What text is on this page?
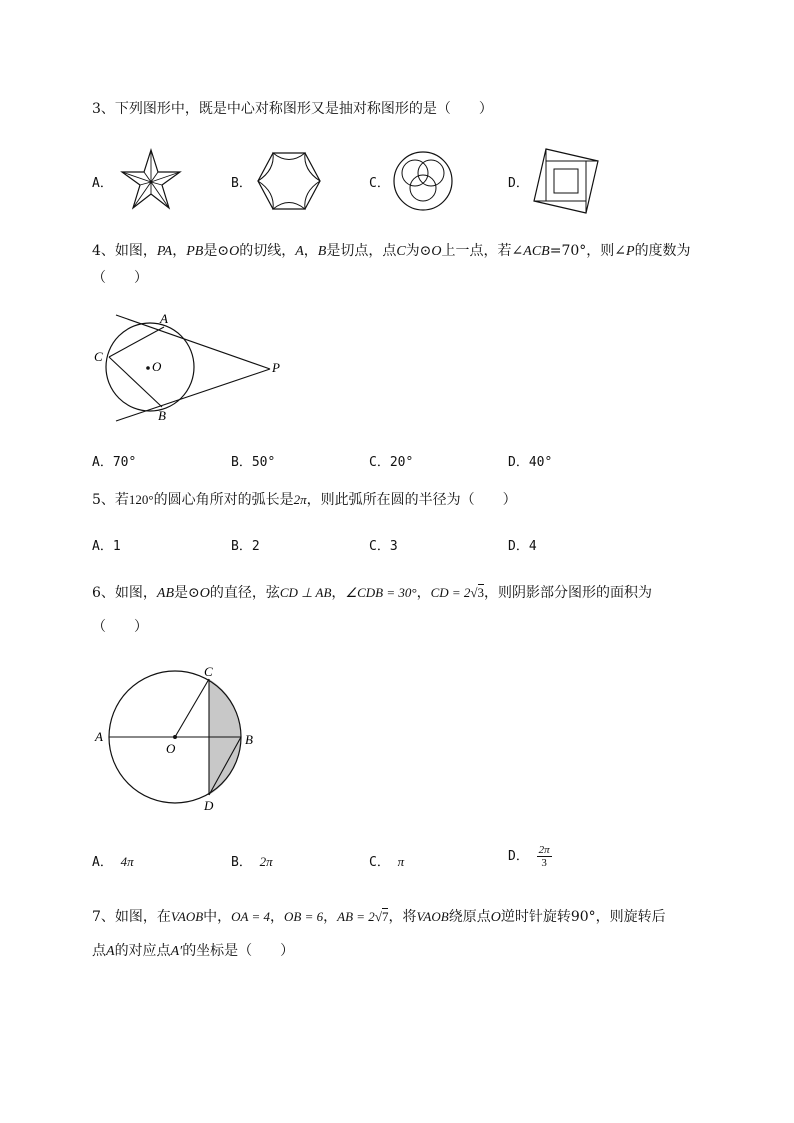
3、下列图形中，既是中心对称图形又是抽对称图形的是（　　）
A．	B．	C．	D．
4、如图，PA，PB是⊙O的切线，A，B是切点，点C为⊙O上一点，若∠ACB=70°，则∠P的度数为
（　　）
A
B
C
O	P
A．70°	B．50°	C．20°	D．40°
5、若120°的圆心角所对的弧长是2π，则此弧所在圆的半径为（　　）
A．1	B．2	C．3	D．4
6、如图，AB是⊙O的直径，弦CD ⊥ AB，∠CDB = 30°，CD = 2√3，则阴影部分图形的面积为
（　　）
A	B
C
D
O
A． 4π	B． 2π	C． π	D． $\frac{2\pi}{3}$
7、如图，在VAOB中，OA = 4，OB = 6，AB = 2√7，将VAOB绕原点O逆时针旋转90°，则旋转后
点A的对应点A′的坐标是（　　）
